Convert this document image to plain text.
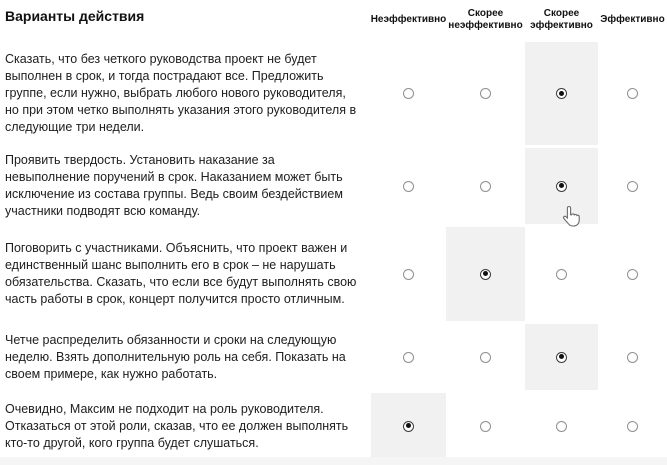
Варианты действия	Неэффективно
Скорее неэффективно
Скорее эффективно
Эффективно
Сказать, что без четкого руководства проект не будет выполнен в срок, и тогда пострадают все. Предложить группе, если нужно, выбрать любого нового руководителя, но при этом четко выполнять указания этого руководителя в следующие три недели.
Проявить твердость. Установить наказание за невыполнение поручений в срок. Наказанием может быть исключение из состава группы. Ведь своим бездействием участники подводят всю команду.
Поговорить с участниками. Объяснить, что проект важен и единственный шанс выполнить его в срок – не нарушать обязательства. Сказать, что если все будут выполнять свою часть работы в срок, концерт получится просто отличным.
Четче распределить обязанности и сроки на следующую неделю. Взять дополнительную роль на себя. Показать на своем примере, как нужно работать.
Очевидно, Максим не подходит на роль руководителя. Отказаться от этой роли, сказав, что ее должен выполнять кто-то другой, кого группа будет слушаться.
